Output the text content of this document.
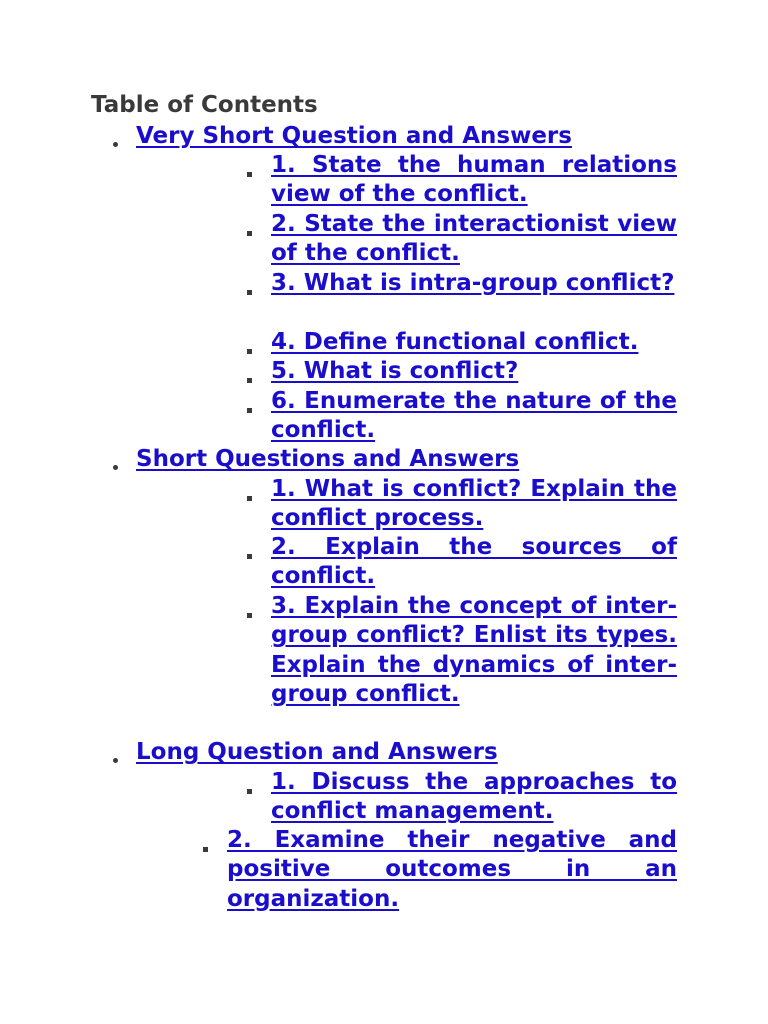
Table of Contents
Very Short Question and Answers
1. State the human relations view of the conflict.
2. State the interactionist view of the conflict.
3. What is intra-group conflict?
4. Define functional conflict.
5. What is conflict?
6. Enumerate the nature of the conflict.
Short Questions and Answers
1. What is conflict? Explain the conflict process.
2. Explain the sources of conflict.
3. Explain the concept of inter-group conflict? Enlist its types. Explain the dynamics of inter-group conflict.
Long Question and Answers
1. Discuss the approaches to conflict management.
2. Examine their negative and positive outcomes in an organization.
